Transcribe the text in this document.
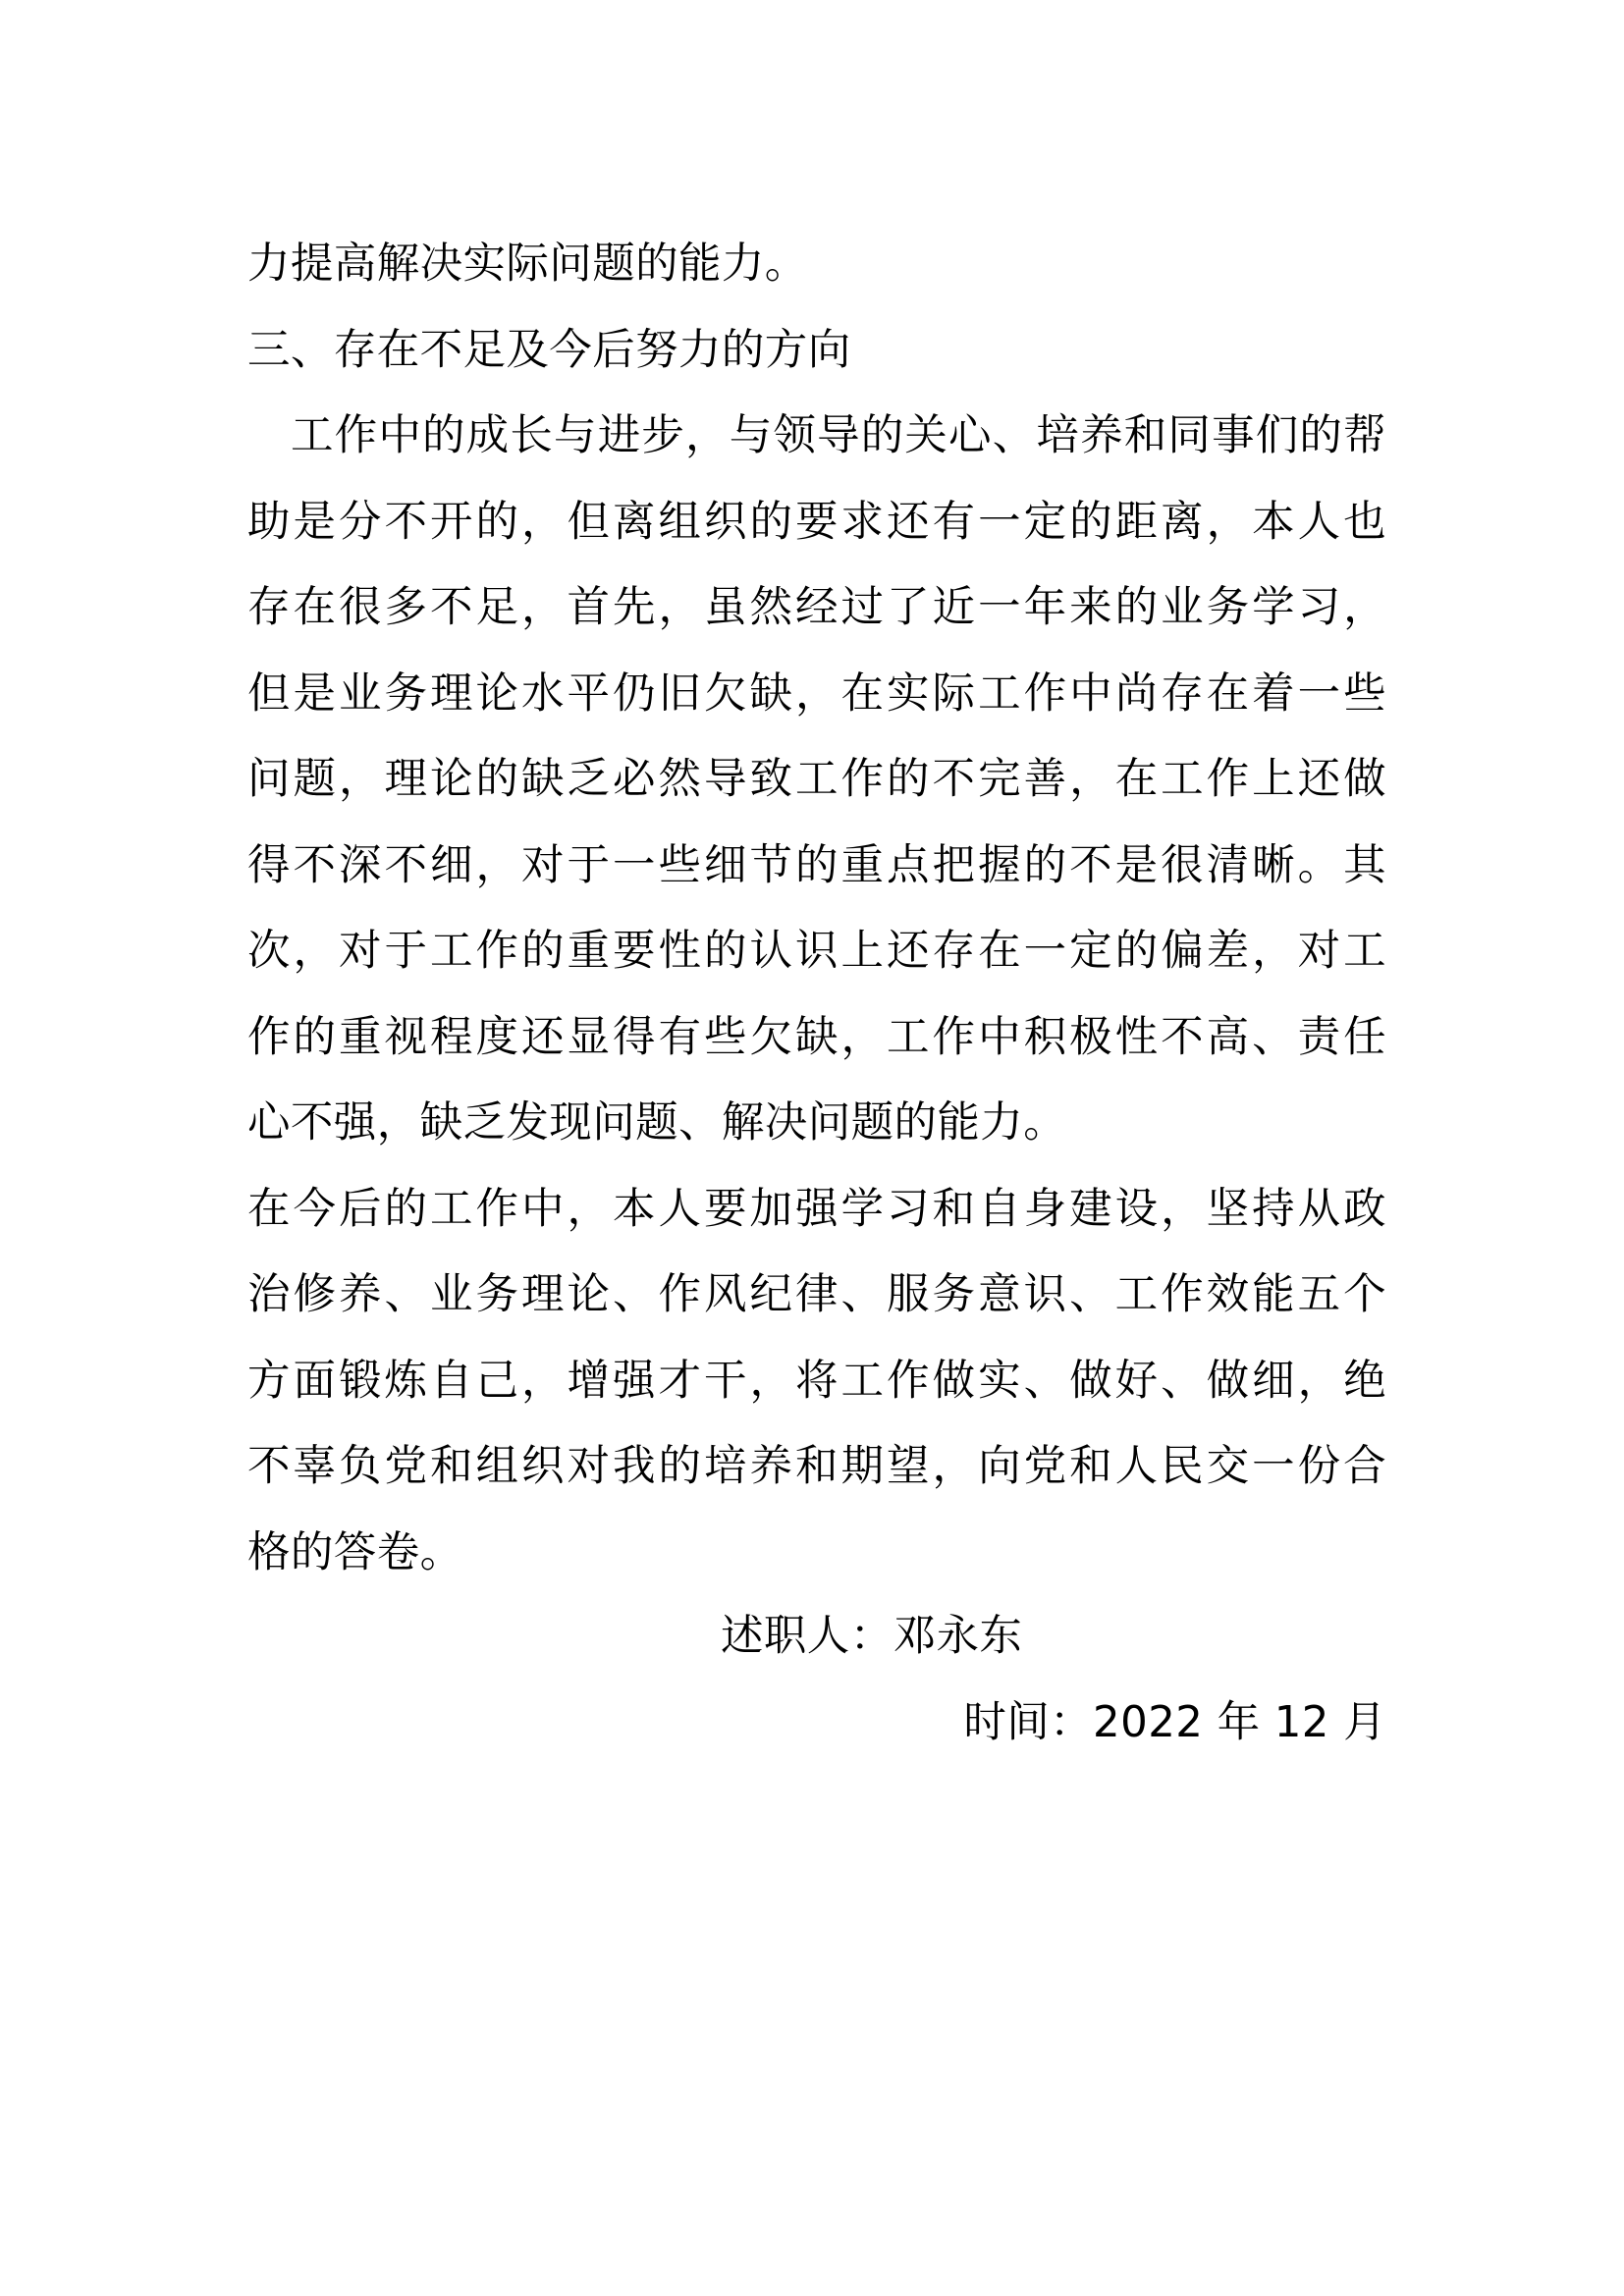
力提高解决实际问题的能力。
三、存在不足及今后努力的方向
工作中的成长与进步，与领导的关心、培养和同事们的帮
助是分不开的，但离组织的要求还有一定的距离，本人也
存在很多不足，首先，虽然经过了近一年来的业务学习，
但是业务理论水平仍旧欠缺，在实际工作中尚存在着一些
问题，理论的缺乏必然导致工作的不完善，在工作上还做
得不深不细，对于一些细节的重点把握的不是很清晰。其
次，对于工作的重要性的认识上还存在一定的偏差，对工
作的重视程度还显得有些欠缺，工作中积极性不高、责任
心不强，缺乏发现问题、解决问题的能力。
在今后的工作中，本人要加强学习和自身建设，坚持从政
治修养、业务理论、作风纪律、服务意识、工作效能五个
方面锻炼自己，增强才干，将工作做实、做好、做细，绝
不辜负党和组织对我的培养和期望，向党和人民交一份合
格的答卷。
述职人：邓永东
时间：2022 年 12 月
